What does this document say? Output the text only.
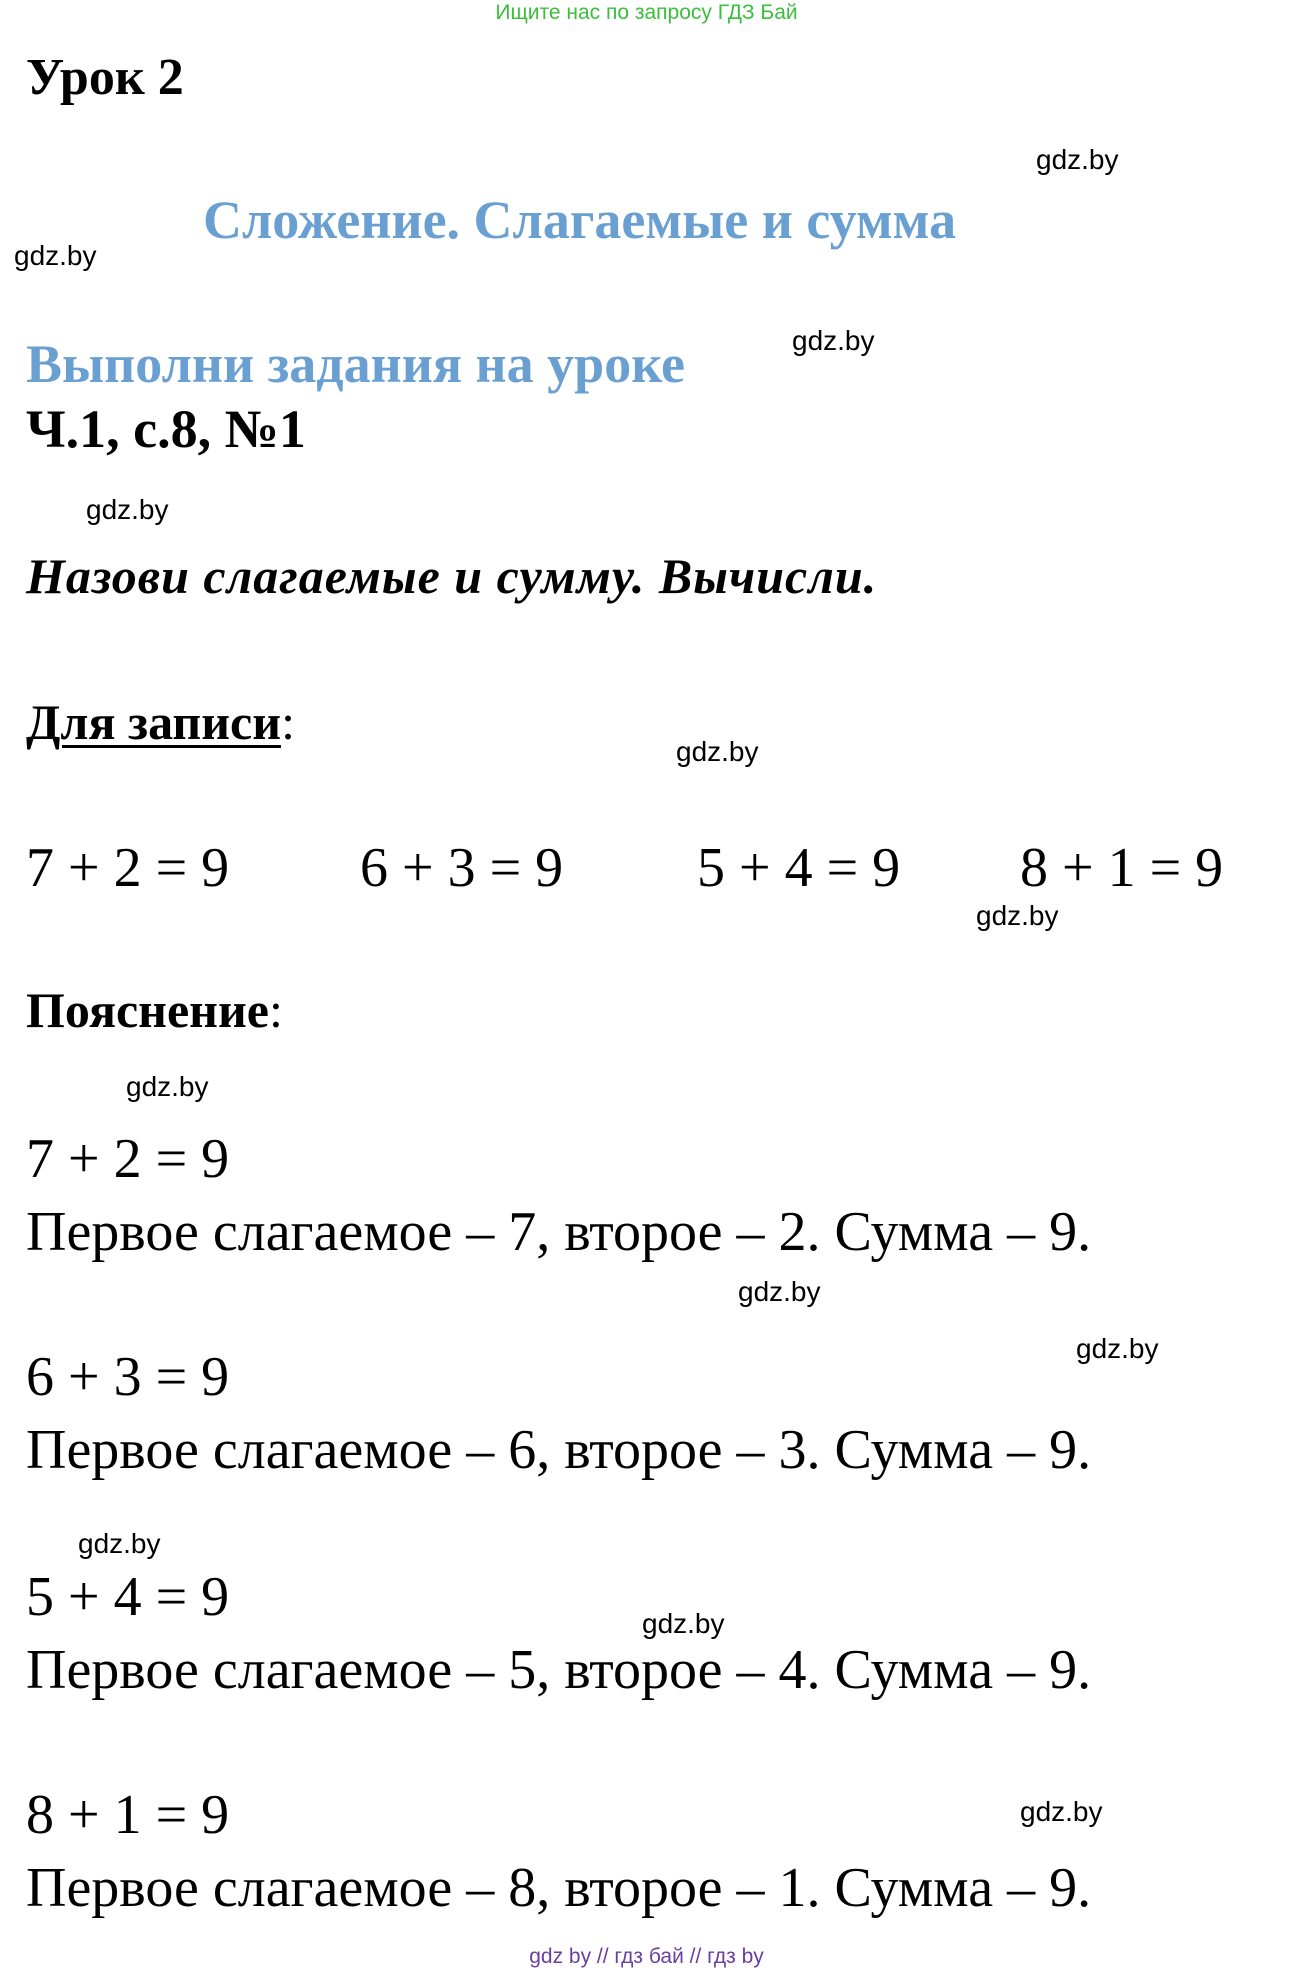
Ищите нас по запросу ГДЗ Бай
Урок 2
gdz.by
Сложение. Слагаемые и сумма
gdz.by
Выполни задания на уроке	gdz.by
Ч.1, с.8, №1
gdz.by
Назови слагаемые и сумму. Вычисли.
Для записи:
gdz.by
7 + 2 = 9 6 + 3 = 9 5 + 4 = 9 8 + 1 = 9
gdz.by
Пояснение:
gdz.by
7 + 2 = 9
Первое слагаемое – 7, второе – 2. Сумма – 9.
gdz.by
gdz.by
6 + 3 = 9
Первое слагаемое – 6, второе – 3. Сумма – 9.
gdz.by
5 + 4 = 9	gdz.by
Первое слагаемое – 5, второе – 4. Сумма – 9.
8 + 1 = 9	gdz.by
Первое слагаемое – 8, второе – 1. Сумма – 9.
gdz by // гдз бай // гдз by
